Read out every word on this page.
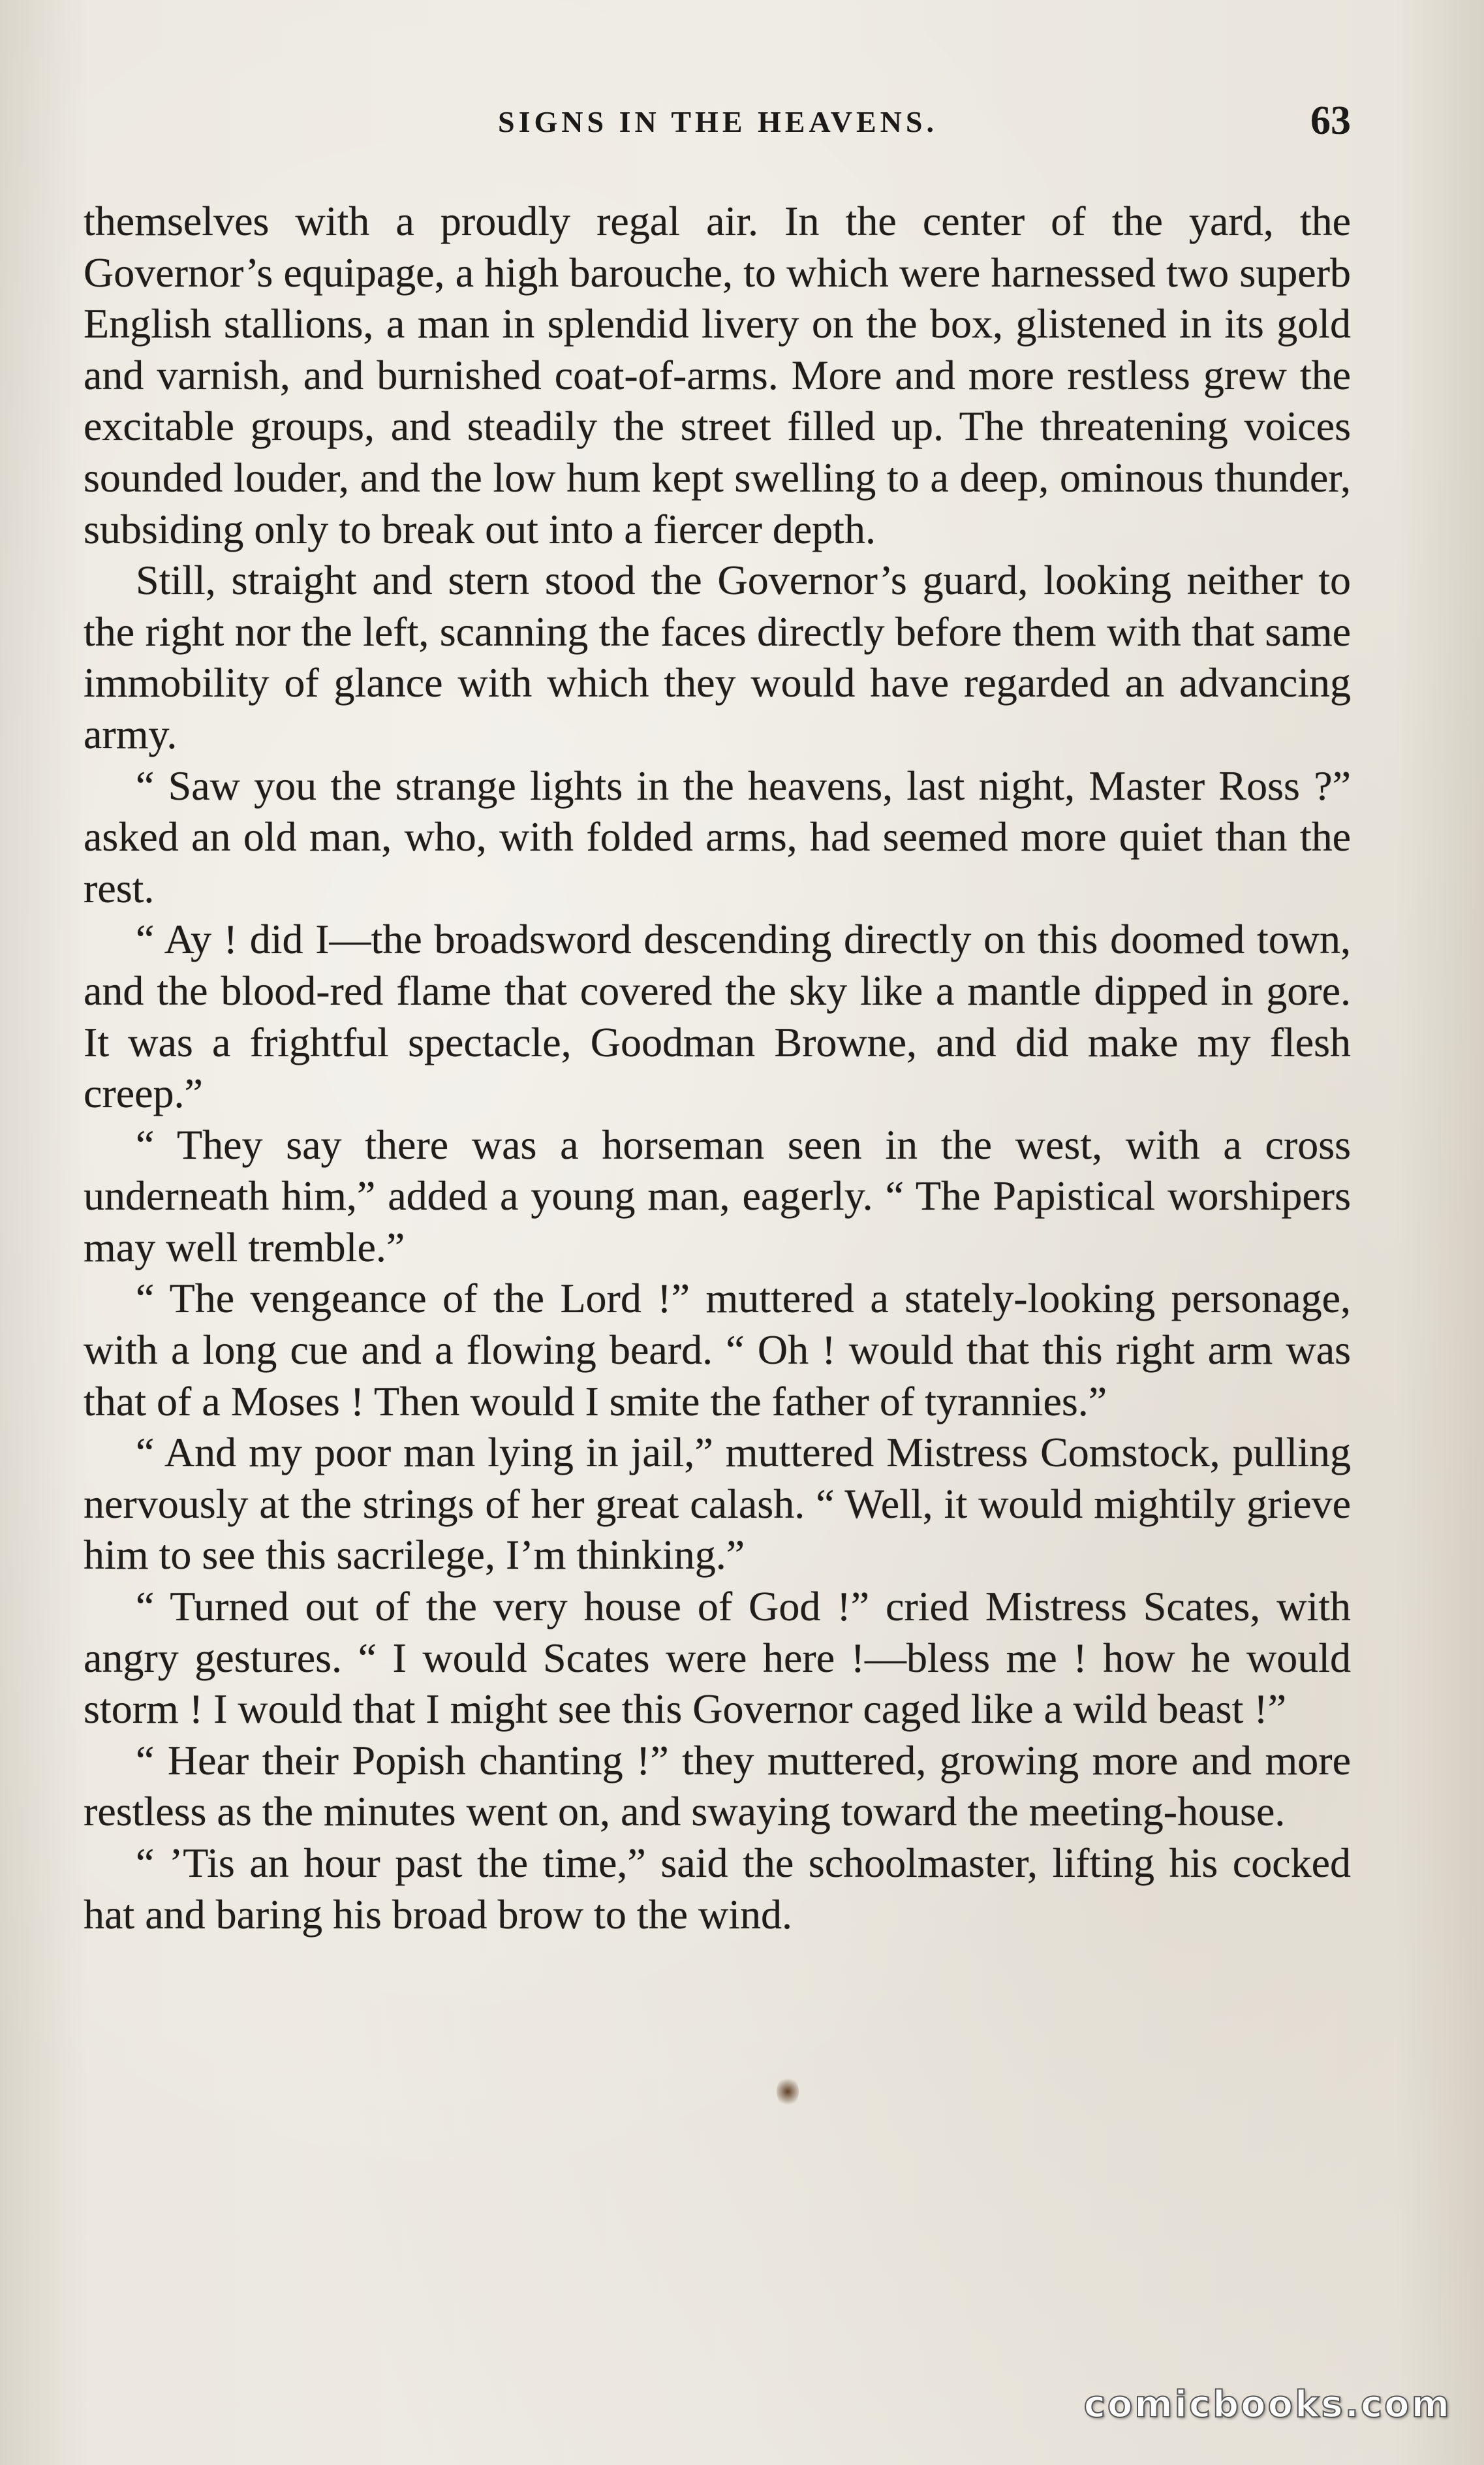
SIGNS IN THE HEAVENS.	63

themselves with a proudly regal air. In the center of the yard, the Governor’s equipage, a high barouche, to which were harnessed two superb English stallions, a man in splendid livery on the box, glistened in its gold and varnish, and burnished coat-of-arms. More and more restless grew the excitable groups, and steadily the street filled up. The threatening voices sounded louder, and the low hum kept swelling to a deep, ominous thunder, subsiding only to break out into a fiercer depth.

Still, straight and stern stood the Governor’s guard, looking neither to the right nor the left, scanning the faces directly before them with that same immobility of glance with which they would have regarded an advancing army.

“ Saw you the strange lights in the heavens, last night, Master Ross ?” asked an old man, who, with folded arms, had seemed more quiet than the rest.

“ Ay ! did I—the broadsword descending directly on this doomed town, and the blood-red flame that covered the sky like a mantle dipped in gore. It was a frightful spectacle, Goodman Browne, and did make my flesh creep.”

“ They say there was a horseman seen in the west, with a cross underneath him,” added a young man, eagerly. “ The Papistical worshipers may well tremble.”

“ The vengeance of the Lord !” muttered a stately-looking personage, with a long cue and a flowing beard. “ Oh ! would that this right arm was that of a Moses ! Then would I smite the father of tyrannies.”

“ And my poor man lying in jail,” muttered Mistress Comstock, pulling nervously at the strings of her great calash. “ Well, it would mightily grieve him to see this sacrilege, I’m thinking.”

“ Turned out of the very house of God !” cried Mistress Scates, with angry gestures. “ I would Scates were here !—bless me ! how he would storm ! I would that I might see this Governor caged like a wild beast !”

“ Hear their Popish chanting !” they muttered, growing more and more restless as the minutes went on, and swaying toward the meeting-house.

“ ’Tis an hour past the time,” said the schoolmaster, lifting his cocked hat and baring his broad brow to the wind.

comicbooks.com
